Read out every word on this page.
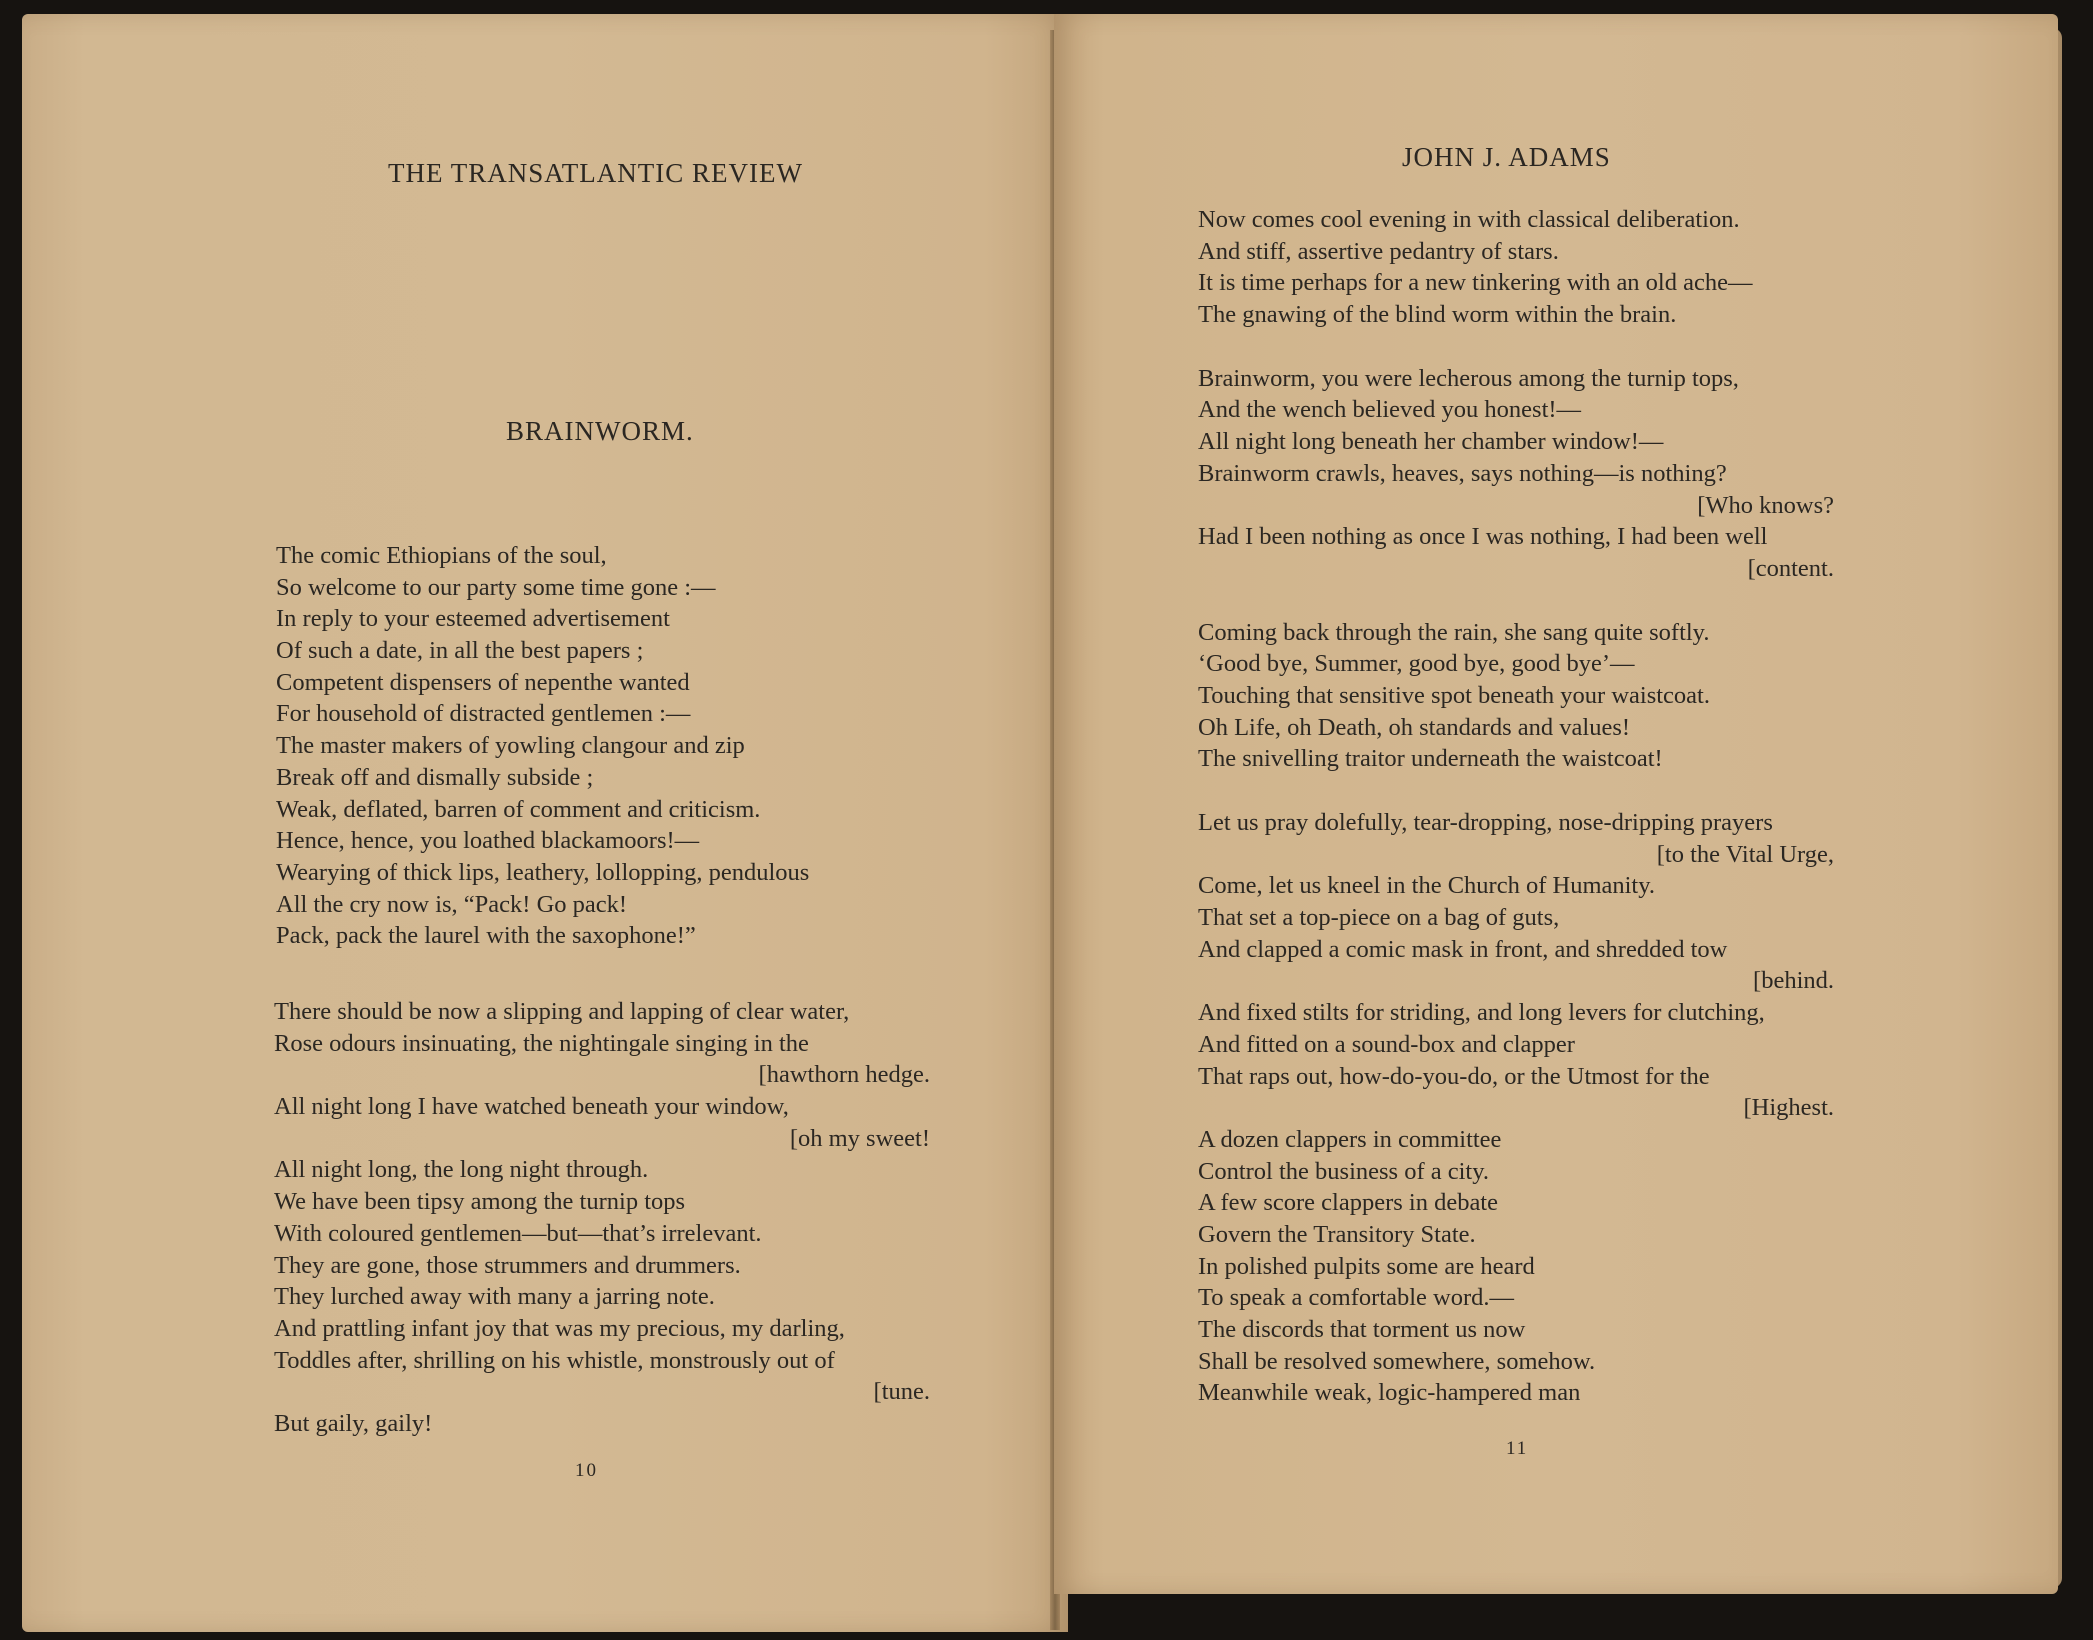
THE TRANSATLANTIC REVIEW
BRAINWORM.
The comic Ethiopians of the soul,
So welcome to our party some time gone :—
In reply to your esteemed advertisement
Of such a date, in all the best papers ;
Competent dispensers of nepenthe wanted
For household of distracted gentlemen :—
The master makers of yowling clangour and zip
Break off and dismally subside ;
Weak, deflated, barren of comment and criticism.
Hence, hence, you loathed blackamoors!—
Wearying of thick lips, leathery, lollopping, pendulous
All the cry now is, “Pack! Go pack!
Pack, pack the laurel with the saxophone!”
There should be now a slipping and lapping of clear water,
Rose odours insinuating, the nightingale singing in the
[hawthorn hedge.
All night long I have watched beneath your window,
[oh my sweet!
All night long, the long night through.
We have been tipsy among the turnip tops
With coloured gentlemen—but—that’s irrelevant.
They are gone, those strummers and drummers.
They lurched away with many a jarring note.
And prattling infant joy that was my precious, my darling,
Toddles after, shrilling on his whistle, monstrously out of
[tune.
But gaily, gaily!
10
JOHN J. ADAMS
Now comes cool evening in with classical deliberation.
And stiff, assertive pedantry of stars.
It is time perhaps for a new tinkering with an old ache—
The gnawing of the blind worm within the brain.
Brainworm, you were lecherous among the turnip tops,
And the wench believed you honest!—
All night long beneath her chamber window!—
Brainworm crawls, heaves, says nothing—is nothing?
[Who knows?
Had I been nothing as once I was nothing, I had been well
[content.
Coming back through the rain, she sang quite softly.
‘Good bye, Summer, good bye, good bye’—
Touching that sensitive spot beneath your waistcoat.
Oh Life, oh Death, oh standards and values!
The snivelling traitor underneath the waistcoat!
Let us pray dolefully, tear-dropping, nose-dripping prayers
[to the Vital Urge,
Come, let us kneel in the Church of Humanity.
That set a top-piece on a bag of guts,
And clapped a comic mask in front, and shredded tow
[behind.
And fixed stilts for striding, and long levers for clutching,
And fitted on a sound-box and clapper
That raps out, how-do-you-do, or the Utmost for the
[Highest.
A dozen clappers in committee
Control the business of a city.
A few score clappers in debate
Govern the Transitory State.
In polished pulpits some are heard
To speak a comfortable word.—
The discords that torment us now
Shall be resolved somewhere, somehow.
Meanwhile weak, logic-hampered man
11
